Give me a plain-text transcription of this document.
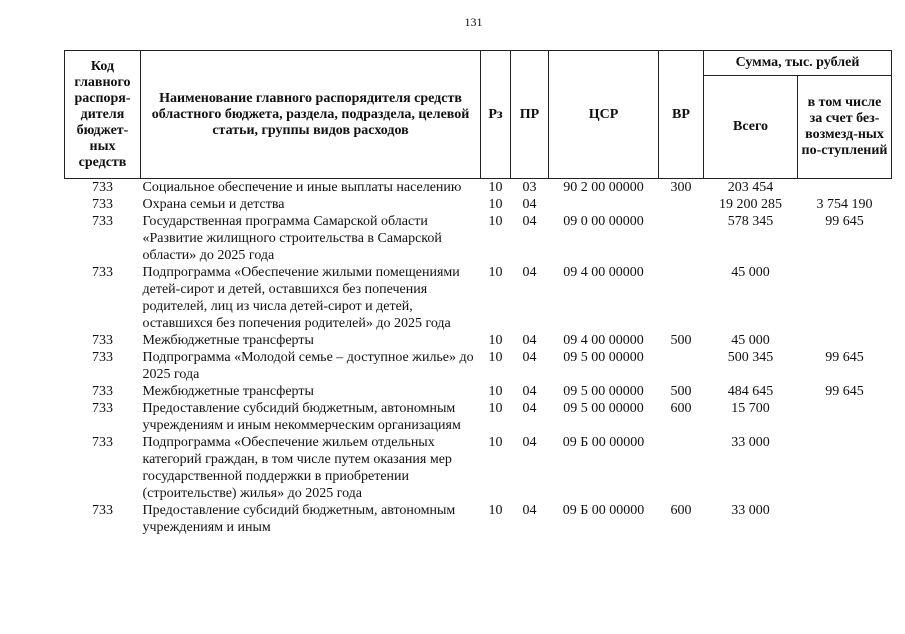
131
Код главного распоря-дителя бюджет-ных средств	Наименование главного распорядителя средств областного бюджета, раздела, подраздела, целевой статьи, группы видов расходов	Рз	ПР	ЦСР	ВР	Сумма, тыс. рублей	
						Всего	в том числе за счет без-возмезд-ных по-ступлений
733	Социальное обеспечение и иные выплаты населению	10	03	90 2 00 00000	300	203 454	
733	Охрана семьи и детства	10	04			19 200 285	3 754 190
733	Государственная программа Самарской области «Развитие жилищного строительства в Самарской области» до 2025 года	10	04	09 0 00 00000		578 345	99 645
733	Подпрограмма «Обеспечение жилыми помещениями детей-сирот и детей, оставшихся без попечения родителей, лиц из числа детей-сирот и детей, оставшихся без попечения родителей» до 2025 года	10	04	09 4 00 00000		45 000	
733	Межбюджетные трансферты	10	04	09 4 00 00000	500	45 000	
733	Подпрограмма «Молодой семье – доступное жилье» до 2025 года	10	04	09 5 00 00000		500 345	99 645
733	Межбюджетные трансферты	10	04	09 5 00 00000	500	484 645	99 645
733	Предоставление субсидий бюджетным, автономным учреждениям и иным некоммерческим организациям	10	04	09 5 00 00000	600	15 700	
733	Подпрограмма «Обеспечение жильем отдельных категорий граждан, в том числе путем оказания мер государственной поддержки в приобретении (строительстве) жилья» до 2025 года	10	04	09 Б 00 00000		33 000	
733	Предоставление субсидий бюджетным, автономным учреждениям и иным	10	04	09 Б 00 00000	600	33 000	
